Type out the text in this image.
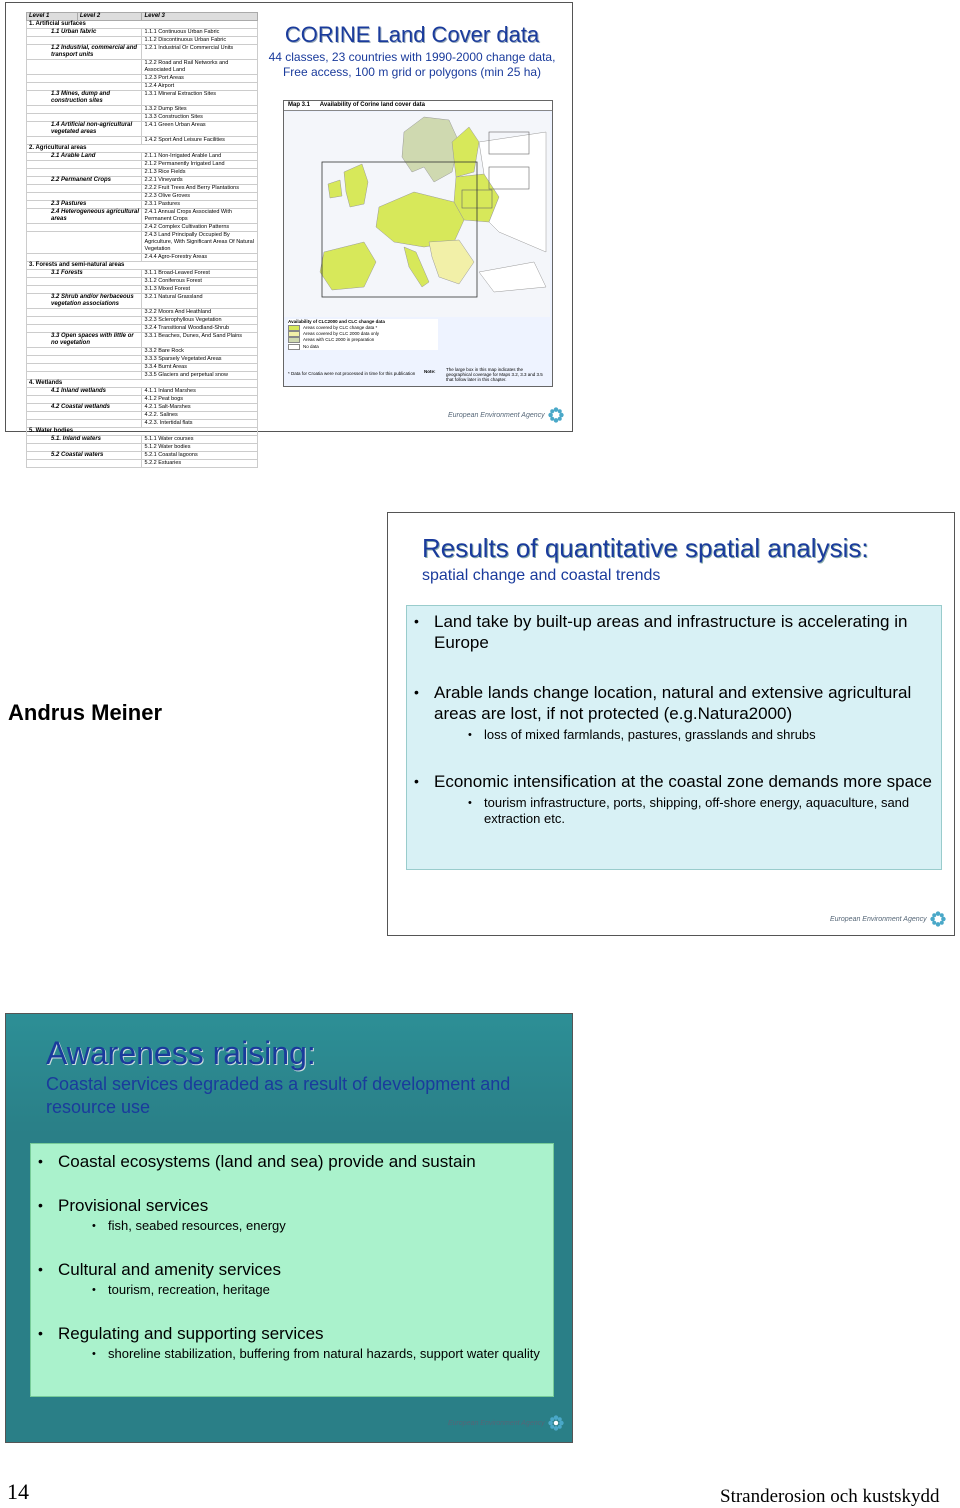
Level 1	Level 2	Level 3
1. Artificial surfaces		
1.1 Urban fabric		1.1.1 Continuous Urban Fabric
		1.1.2 Discontinuous Urban Fabric
1.2 Industrial, commercial and transport units		1.2.1 Industrial Or Commercial Units
		1.2.2 Road and Rail Networks and Associated Land
		1.2.3 Port Areas
		1.2.4 Airport
1.3 Mines, dump and construction sites		1.3.1 Mineral Extraction Sites
		1.3.2 Dump Sites
		1.3.3 Construction Sites
1.4 Artificial non-agricultural vegetated areas		1.4.1 Green Urban Areas
		1.4.2 Sport And Leisure Facilities
2. Agricultural areas		
2.1 Arable Land		2.1.1 Non-Irrigated Arable Land
		2.1.2 Permanently Irrigated Land
		2.1.3 Rice Fields
2.2 Permanent Crops		2.2.1 Vineyards
		2.2.2 Fruit Trees And Berry Plantations
		2.2.3 Olive Groves
2.3 Pastures		2.3.1 Pastures
2.4 Heterogeneous agricultural areas		2.4.1 Annual Crops Associated With Permanent Crops
		2.4.2 Complex Cultivation Patterns
		2.4.3 Land Principally Occupied By Agriculture, With Significant Areas Of Natural Vegetation
		2.4.4 Agro-Forestry Areas
3. Forests and semi-natural areas		
3.1 Forests		3.1.1 Broad-Leaved Forest
		3.1.2 Coniferous Forest
		3.1.3 Mixed Forest
3.2 Shrub and/or herbaceous vegetation associations		3.2.1 Natural Grassland
		3.2.2 Moors And Heathland
		3.2.3 Sclerophyllous Vegetation
		3.2.4 Transitional Woodland-Shrub
3.3 Open spaces with little or no vegetation		3.3.1 Beaches, Dunes, And Sand Plains
		3.3.2 Bare Rock
		3.3.3 Sparsely Vegetated Areas
		3.3.4 Burnt Areas
		3.3.5 Glaciers and perpetual snow
4. Wetlands		
4.1 Inland wetlands		4.1.1 Inland Marshes
		4.1.2 Peat bogs
4.2 Coastal wetlands		4.2.1 Salt-Marshes
		4.2.2. Salines
		4.2.3. Intertidal flats
5. Water bodies		
5.1. Inland waters		5.1.1 Water courses
		5.1.2 Water bodies
5.2 Coastal waters		5.2.1 Coastal lagoons
		5.2.2 Estuaries
CORINE Land Cover data
44 classes, 23 countries with 1990-2000 change data,
Free access, 100 m grid or polygons (min 25 ha)
Map 3.1 Availability of Corine land cover data
Availability of CLC2000 and CLC change data
Areas covered by CLC change data *
Areas covered by CLC 2000 data only
Areas with CLC 2000 in preparation
No data
* Data for Croatia were not processed in time for this publication Note: The large box in this map indicates the geographical coverage for Maps 3.2, 3.3 and 3.5 that follow later in this chapter.
European Environment Agency
Results of quantitative spatial analysis:
spatial change and coastal trends
Andrus Meiner
• Land take by built-up areas and infrastructure is accelerating in Europe
• Arable lands change location, natural and extensive agricultural areas are lost, if not protected (e.g.Natura2000)
• loss of mixed farmlands, pastures, grasslands and shrubs
• Economic intensification at the coastal zone demands more space
• tourism infrastructure, ports, shipping, off-shore energy, aquaculture, sand extraction etc.
European Environment Agency
Awareness raising:
Coastal services degraded as a result of development and resource use
• Coastal ecosystems (land and sea) provide and sustain
• Provisional services
• fish, seabed resources, energy
• Cultural and amenity services
• tourism, recreation, heritage
• Regulating and supporting services
• shoreline stabilization, buffering from natural hazards, support water quality
European Environment Agency
14	Stranderosion och kustskydd
